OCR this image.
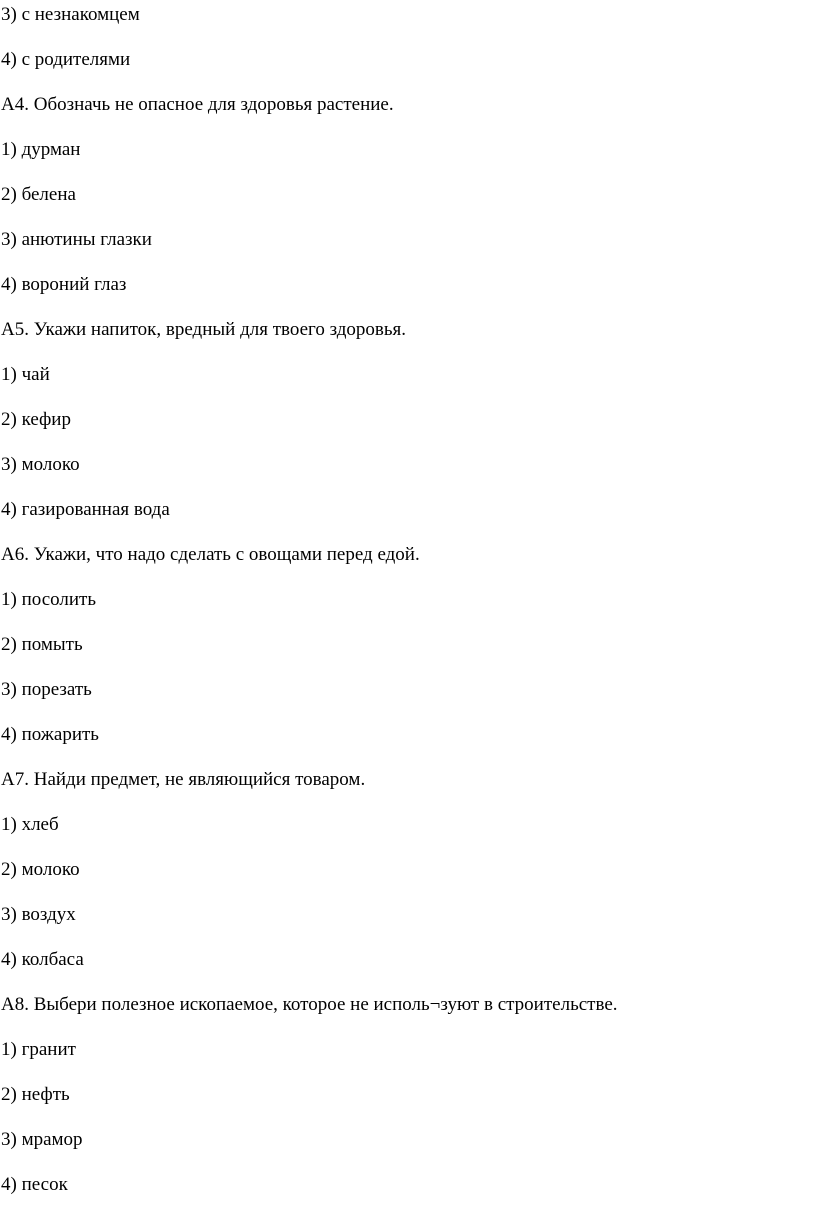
3) с незнакомцем

4) с родителями

А4. Обозначь не опасное для здоровья растение.

1) дурман

2) белена

3) анютины глазки

4) вороний глаз

А5. Укажи напиток, вредный для твоего здоровья.

1) чай

2) кефир

3) молоко

4) газированная вода

А6. Укажи, что надо сделать с овощами перед едой.

1) посолить

2) помыть

3) порезать

4) пожарить

А7. Найди предмет, не являющийся товаром.

1) хлеб

2) молоко

3) воздух

4) колбаса

А8. Выбери полезное ископаемое, которое не исполь¬зуют в строительстве.

1) гранит

2) нефть

3) мрамор

4) песок
